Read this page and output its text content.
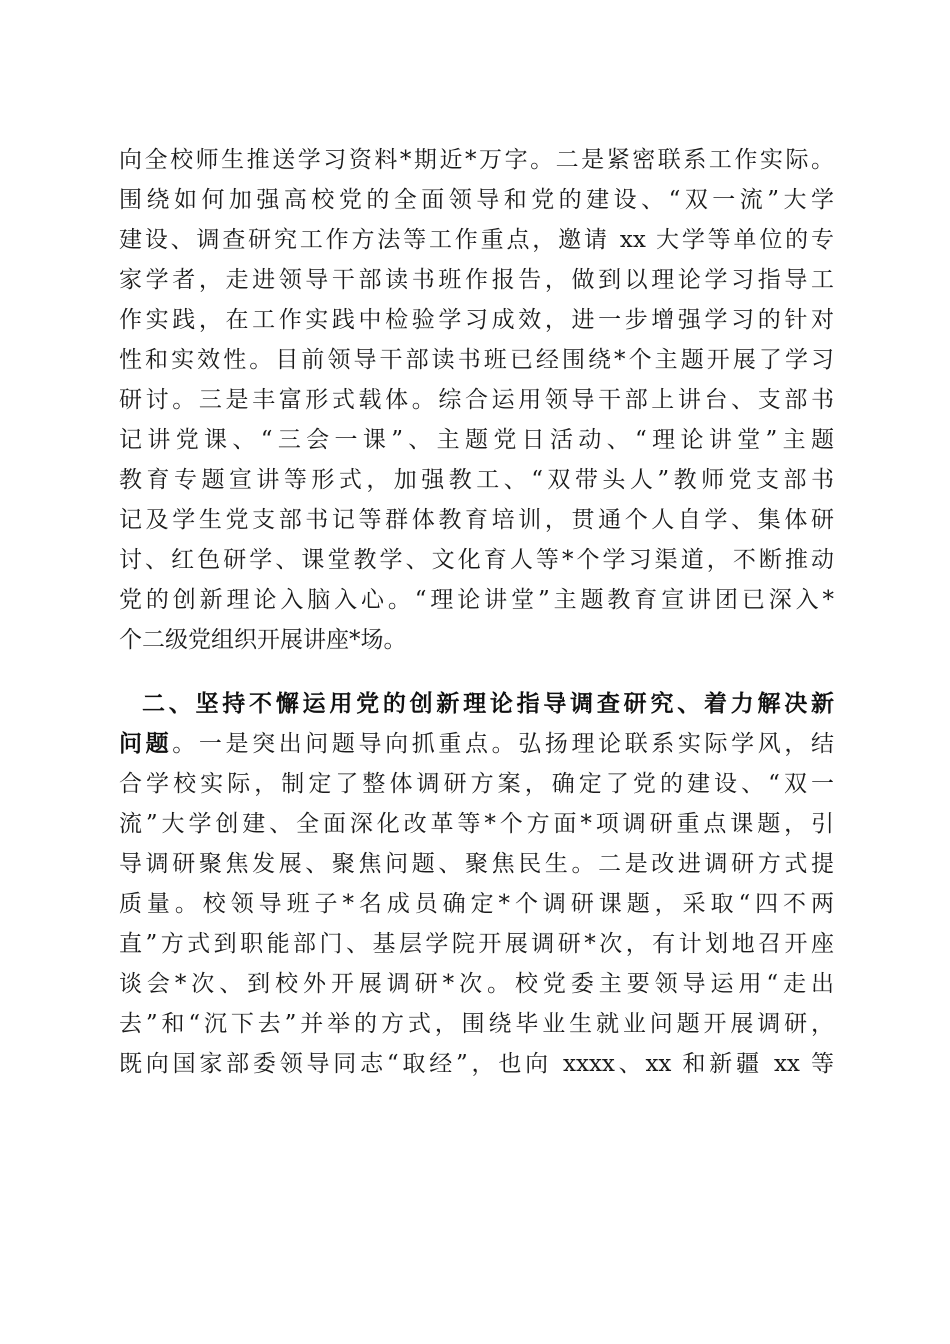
向全校师生推送学习资料*期近*万字。二是紧密联系工作实际。
围绕如何加强高校党的全面领导和党的建设、“双一流”大学
建设、调查研究工作方法等工作重点，邀请 xx 大学等单位的专
家学者，走进领导干部读书班作报告，做到以理论学习指导工
作实践，在工作实践中检验学习成效，进一步增强学习的针对
性和实效性。目前领导干部读书班已经围绕*个主题开展了学习
研讨。三是丰富形式载体。综合运用领导干部上讲台、支部书
记讲党课、“三会一课”、主题党日活动、“理论讲堂”主题
教育专题宣讲等形式，加强教工、“双带头人”教师党支部书
记及学生党支部书记等群体教育培训，贯通个人自学、集体研
讨、红色研学、课堂教学、文化育人等*个学习渠道，不断推动
党的创新理论入脑入心。“理论讲堂”主题教育宣讲团已深入*
个二级党组织开展讲座*场。
二、坚持不懈运用党的创新理论指导调查研究、着力解决新
问题。一是突出问题导向抓重点。弘扬理论联系实际学风，结
合学校实际，制定了整体调研方案，确定了党的建设、“双一
流”大学创建、全面深化改革等*个方面*项调研重点课题，引
导调研聚焦发展、聚焦问题、聚焦民生。二是改进调研方式提
质量。校领导班子*名成员确定*个调研课题，采取“四不两
直”方式到职能部门、基层学院开展调研*次，有计划地召开座
谈会*次、到校外开展调研*次。校党委主要领导运用“走出
去”和“沉下去”并举的方式，围绕毕业生就业问题开展调研，
既向国家部委领导同志“取经”，也向 xxxx、xx 和新疆 xx 等
